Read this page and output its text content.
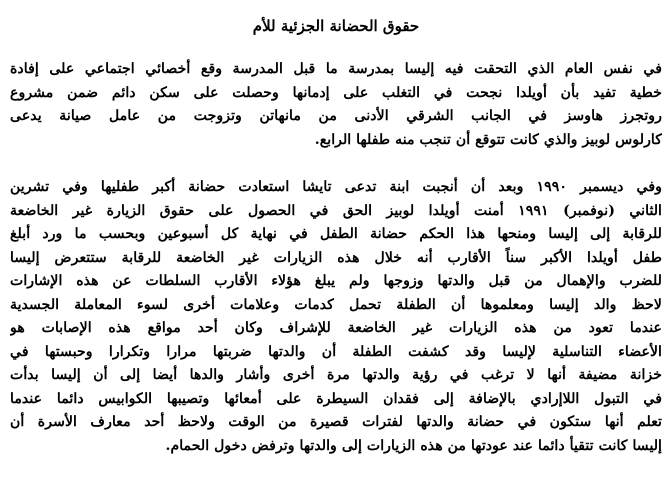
حقوق الحضانة الجزئية للأم

في نفس العام الذي التحقت فيه إليسا بمدرسة ما قبل المدرسة وقع أخصائي اجتماعي على إفادة
خطية تفيد بأن أويلدا نجحت في التغلب على إدمانها وحصلت على سكن دائم ضمن مشروع
روتجرز هاوسز في الجانب الشرقي الأدنى من مانهاتن وتزوجت من عامل صيانة يدعى
كارلوس لوبيز والذي كانت تتوقع أن تنجب منه طفلها الرابع.

وفي ديسمبر ١٩٩٠ وبعد أن أنجبت ابنة تدعى تايشا استعادت حضانة أكبر طفليها وفي تشرين
الثاني (نوفمبر) ١٩٩١ أمنت أويلدا لوبيز الحق في الحصول على حقوق الزيارة غير الخاضعة
للرقابة إلى إليسا ومنحها هذا الحكم حضانة الطفل في نهاية كل أسبوعين وبحسب ما ورد أبلغ
طفل أويلدا الأكبر سناً الأقارب أنه خلال هذه الزيارات غير الخاضعة للرقابة ستتعرض إليسا
للضرب والإهمال من قبل والدتها وزوجها ولم يبلغ هؤلاء الأقارب السلطات عن هذه الإشارات
لاحظ والد إليسا ومعلموها أن الطفلة تحمل كدمات وعلامات أخرى لسوء المعاملة الجسدية
عندما تعود من هذه الزيارات غير الخاضعة للإشراف وكان أحد مواقع هذه الإصابات هو
الأعضاء التناسلية لإليسا وقد كشفت الطفلة أن والدتها ضربتها مرارا وتكرارا وحبستها في
خزانة مضيفة أنها لا ترغب في رؤية والدتها مرة أخرى وأشار والدها أيضا إلى أن إليسا بدأت
في التبول اللاإرادي بالإضافة إلى فقدان السيطرة على أمعائها وتصيبها الكوابيس دائما عندما
تعلم أنها ستكون في حضانة والدتها لفترات قصيرة من الوقت ولاحظ أحد معارف الأسرة أن
إليسا كانت تتقيأ دائما عند عودتها من هذه الزيارات إلى والدتها وترفض دخول الحمام.
